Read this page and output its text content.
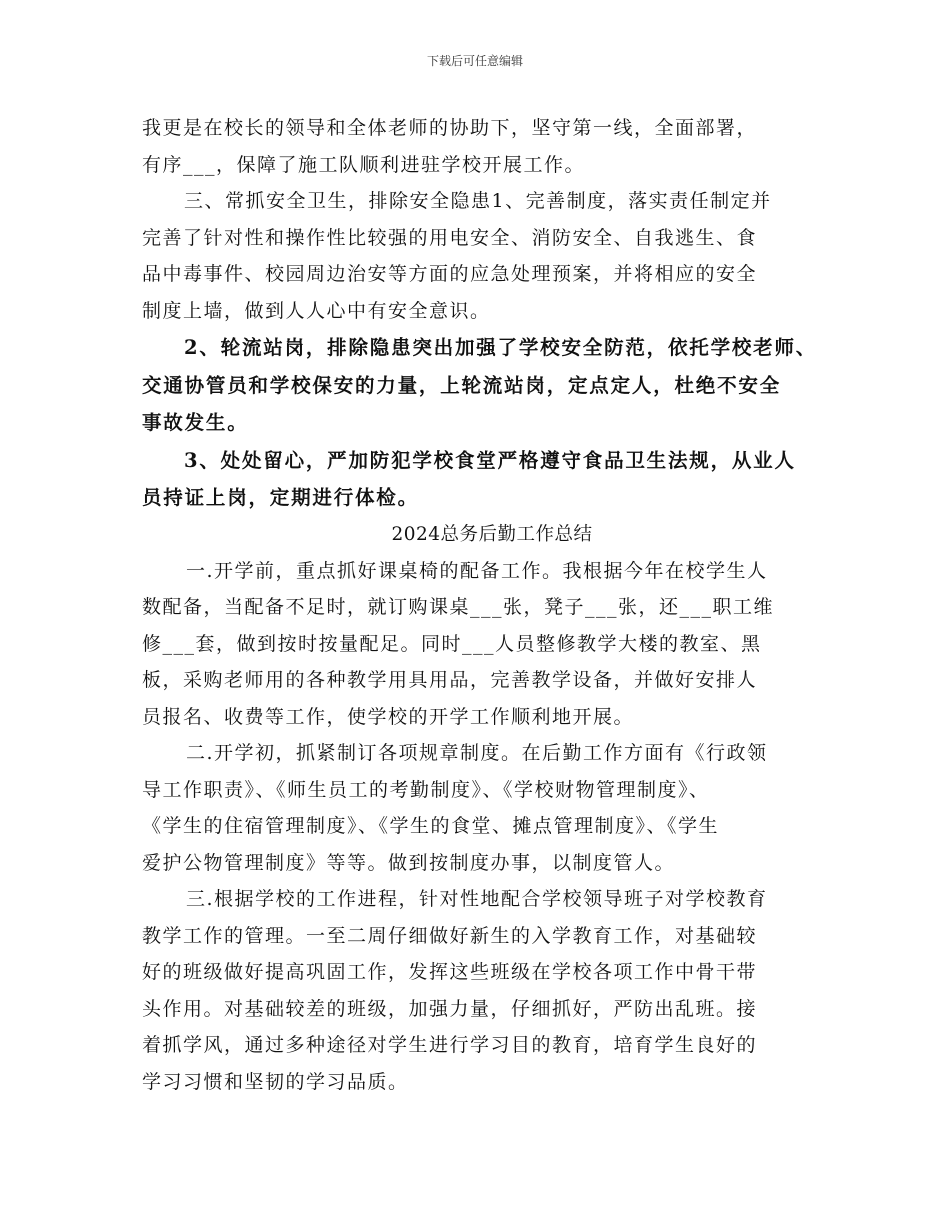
下载后可任意编辑

我更是在校长的领导和全体老师的协助下，坚守第一线，全面部署，
有序___，保障了施工队顺利进驻学校开展工作。

三、常抓安全卫生，排除安全隐患1、完善制度，落实责任制定并
完善了针对性和操作性比较强的用电安全、消防安全、自我逃生、食
品中毒事件、校园周边治安等方面的应急处理预案，并将相应的安全
制度上墙，做到人人心中有安全意识。

2、轮流站岗，排除隐患突出加强了学校安全防范，依托学校老师、
交通协管员和学校保安的力量，上轮流站岗，定点定人，杜绝不安全
事故发生。

3、处处留心，严加防犯学校食堂严格遵守食品卫生法规，从业人
员持证上岗，定期进行体检。

2024总务后勤工作总结

一.开学前，重点抓好课桌椅的配备工作。我根据今年在校学生人
数配备，当配备不足时，就订购课桌___张，凳子___张，还___职工维
修___套，做到按时按量配足。同时___人员整修教学大楼的教室、黑
板，采购老师用的各种教学用具用品，完善教学设备，并做好安排人
员报名、收费等工作，使学校的开学工作顺利地开展。

二.开学初，抓紧制订各项规章制度。在后勤工作方面有《行政领
导工作职责》、《师生员工的考勤制度》、《学校财物管理制度》、
《学生的住宿管理制度》、《学生的食堂、摊点管理制度》、《学生
爱护公物管理制度》等等。做到按制度办事，以制度管人。

三.根据学校的工作进程，针对性地配合学校领导班子对学校教育
教学工作的管理。一至二周仔细做好新生的入学教育工作，对基础较
好的班级做好提高巩固工作，发挥这些班级在学校各项工作中骨干带
头作用。对基础较差的班级，加强力量，仔细抓好，严防出乱班。接
着抓学风，通过多种途径对学生进行学习目的教育，培育学生良好的
学习习惯和坚韧的学习品质。
